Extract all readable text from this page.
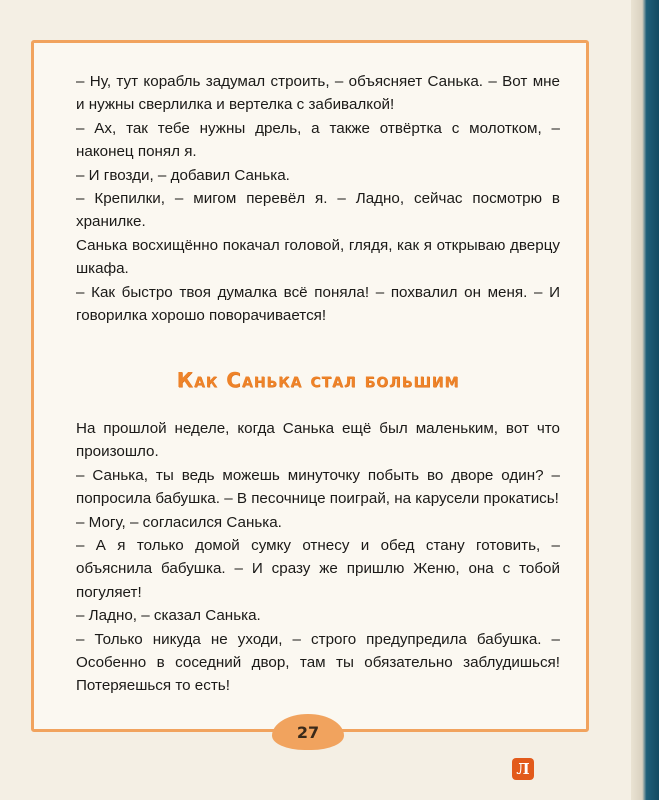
– Ну, тут корабль задумал строить, – объясняет Санька. – Вот мне и нужны сверлилка и вертелка с забивалкой!

– Ах, так тебе нужны дрель, а также отвёртка с молотком, – наконец понял я.

– И гвозди, – добавил Санька.

– Крепилки, – мигом перевёл я. – Ладно, сейчас посмотрю в хранилке.

Санька восхищённо покачал головой, глядя, как я открываю дверцу шкафа.

– Как быстро твоя думалка всё поняла! – похвалил он меня. – И говорилка хорошо поворачивается!

Как Санька стал большим

На прошлой неделе, когда Санька ещё был маленьким, вот что произошло.

– Санька, ты ведь можешь минуточку побыть во дворе один? – попросила бабушка. – В песочнице поиграй, на карусели прокатись!

– Могу, – согласился Санька.

– А я только домой сумку отнесу и обед стану готовить, – объяснила бабушка. – И сразу же пришлю Женю, она с тобой погуляет!

– Ладно, – сказал Санька.

– Только никуда не уходи, – строго предупредила бабушка. – Особенно в соседний двор, там ты обязательно заблудишься! Потеряешься то есть!

27
Л
